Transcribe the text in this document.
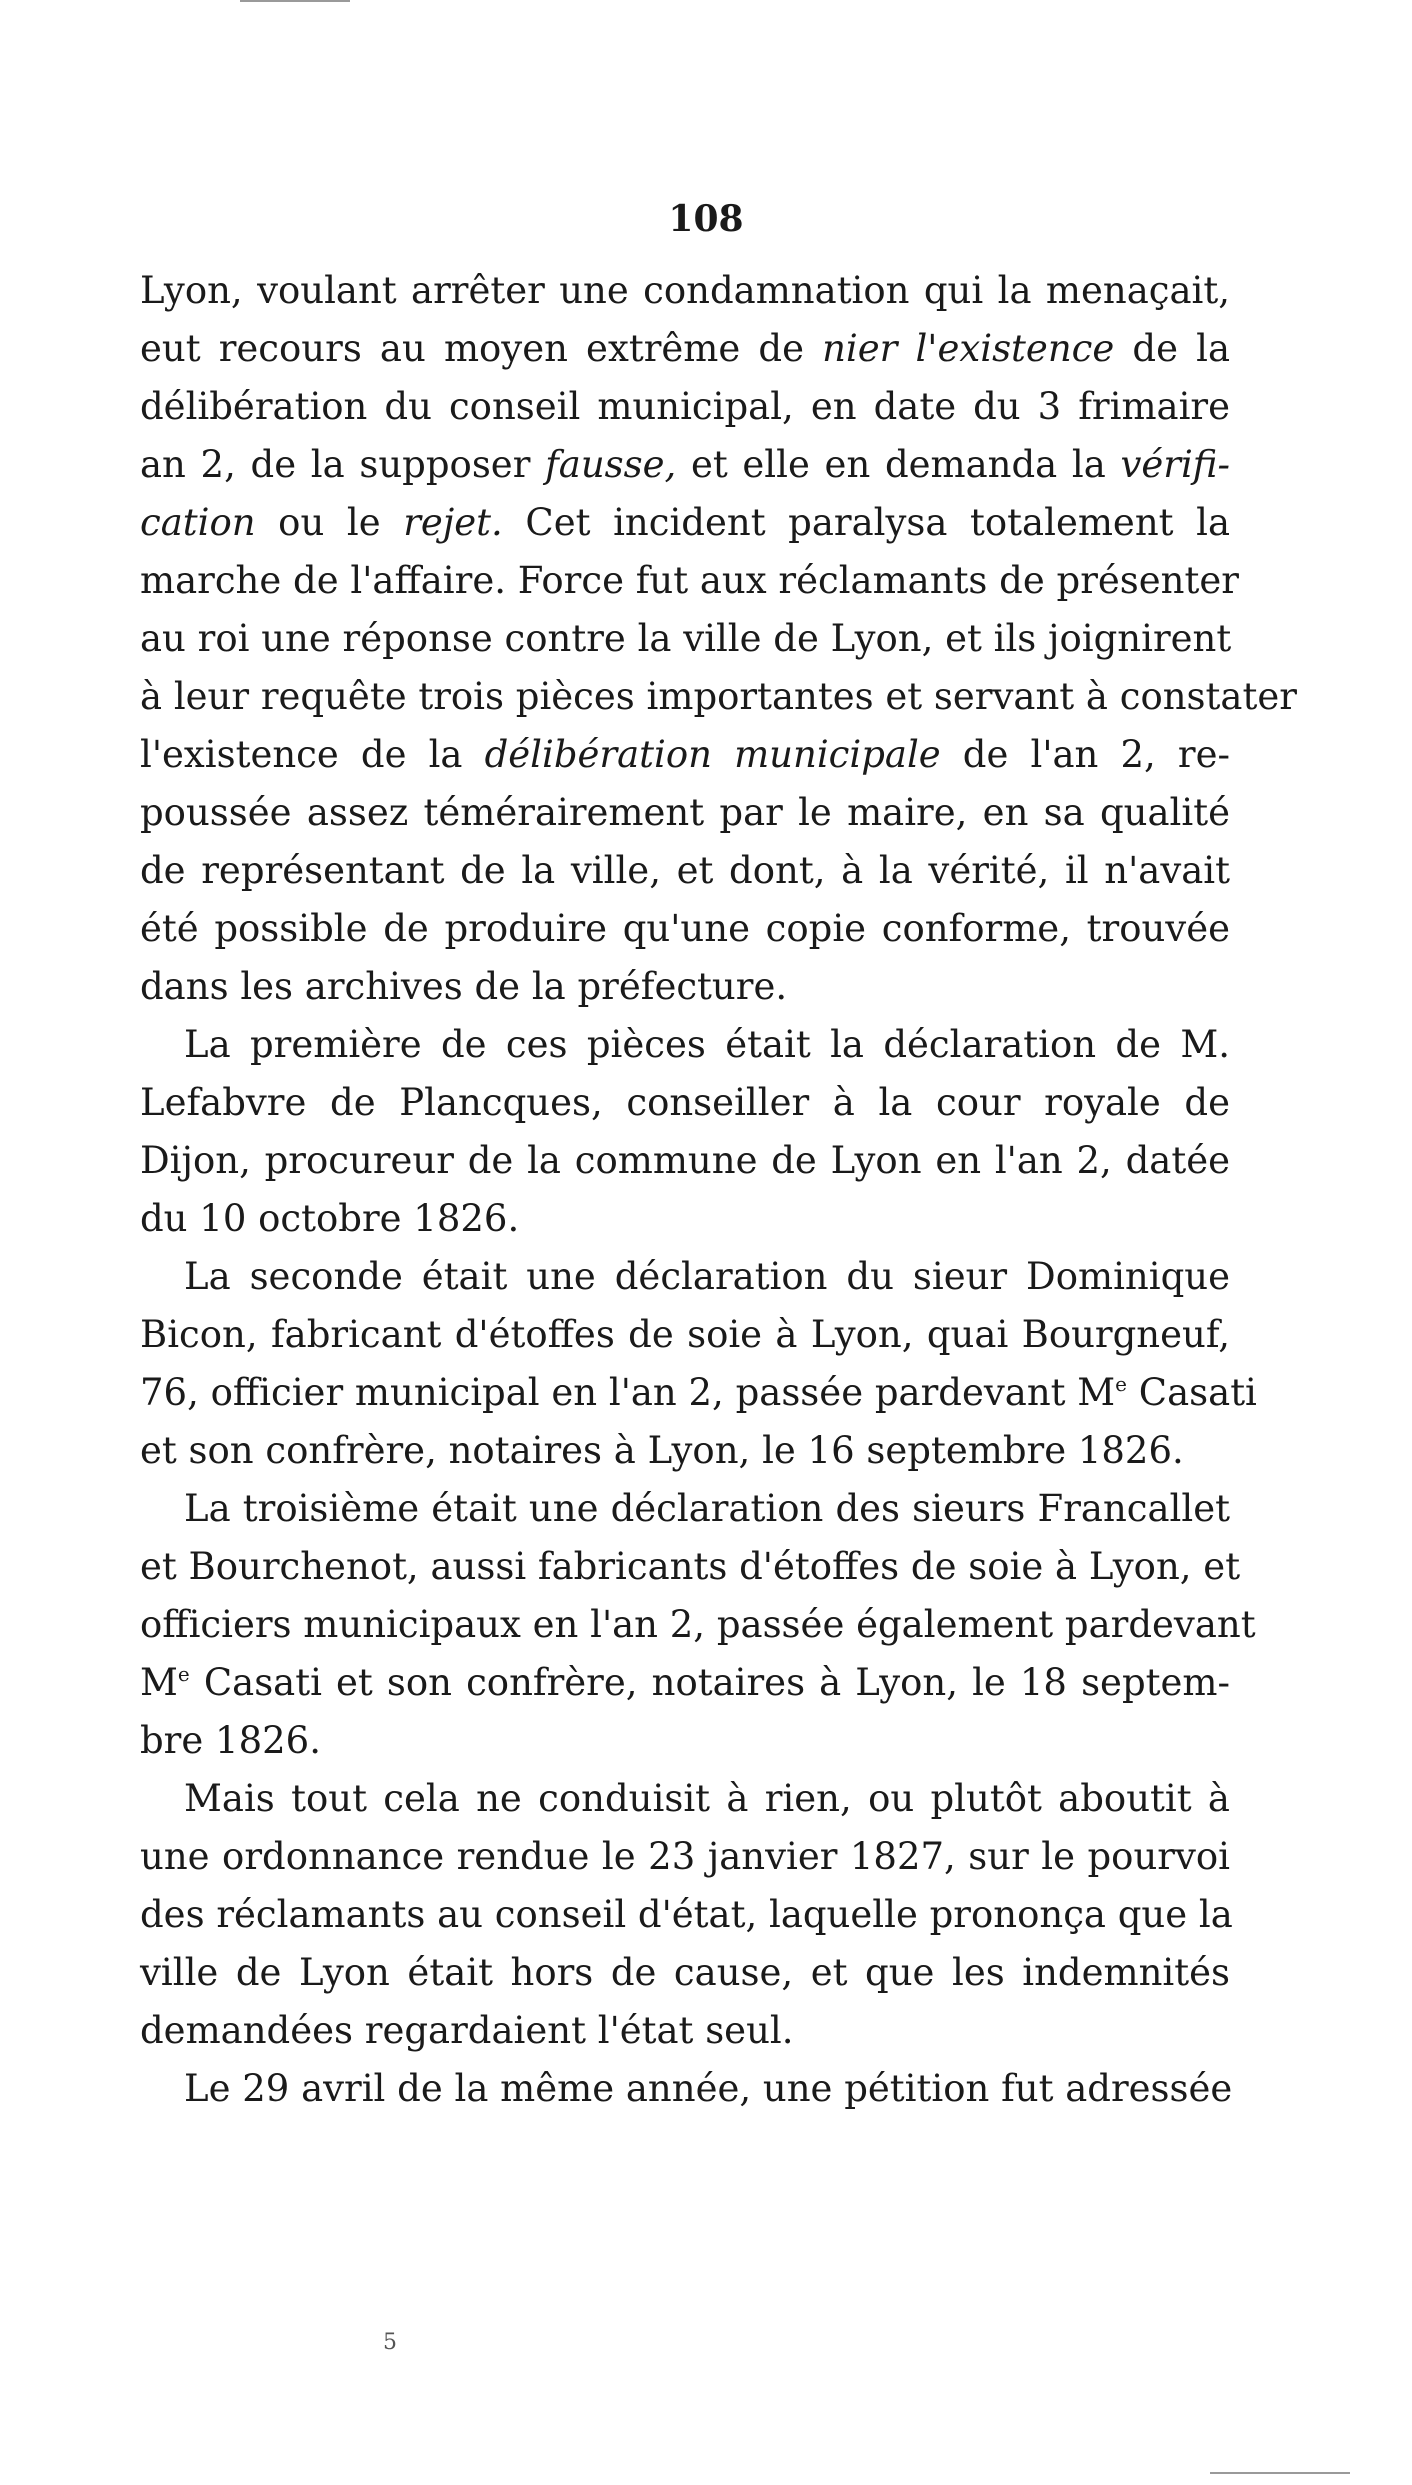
108
Lyon, voulant arrêter une condamnation qui la menaçait,
eut recours au moyen extrême de nier l'existence de la
délibération du conseil municipal, en date du 3 frimaire
an 2, de la supposer fausse, et elle en demanda la vérifi-
cation ou le rejet. Cet incident paralysa totalement la
marche de l'affaire. Force fut aux réclamants de présenter
au roi une réponse contre la ville de Lyon, et ils joignirent
à leur requête trois pièces importantes et servant à constater
l'existence de la délibération municipale de l'an 2, re-
poussée assez témérairement par le maire, en sa qualité
de représentant de la ville, et dont, à la vérité, il n'avait
été possible de produire qu'une copie conforme, trouvée
dans les archives de la préfecture.
La première de ces pièces était la déclaration de M.
Lefabvre de Plancques, conseiller à la cour royale de
Dijon, procureur de la commune de Lyon en l'an 2, datée
du 10 octobre 1826.
La seconde était une déclaration du sieur Dominique
Bicon, fabricant d'étoffes de soie à Lyon, quai Bourgneuf,
76, officier municipal en l'an 2, passée pardevant Me Casati
et son confrère, notaires à Lyon, le 16 septembre 1826.
La troisième était une déclaration des sieurs Francallet
et Bourchenot, aussi fabricants d'étoffes de soie à Lyon, et
officiers municipaux en l'an 2, passée également pardevant
Me Casati et son confrère, notaires à Lyon, le 18 septem-
bre 1826.
Mais tout cela ne conduisit à rien, ou plutôt aboutit à
une ordonnance rendue le 23 janvier 1827, sur le pourvoi
des réclamants au conseil d'état, laquelle prononça que la
ville de Lyon était hors de cause, et que les indemnités
demandées regardaient l'état seul.
Le 29 avril de la même année, une pétition fut adressée
5
